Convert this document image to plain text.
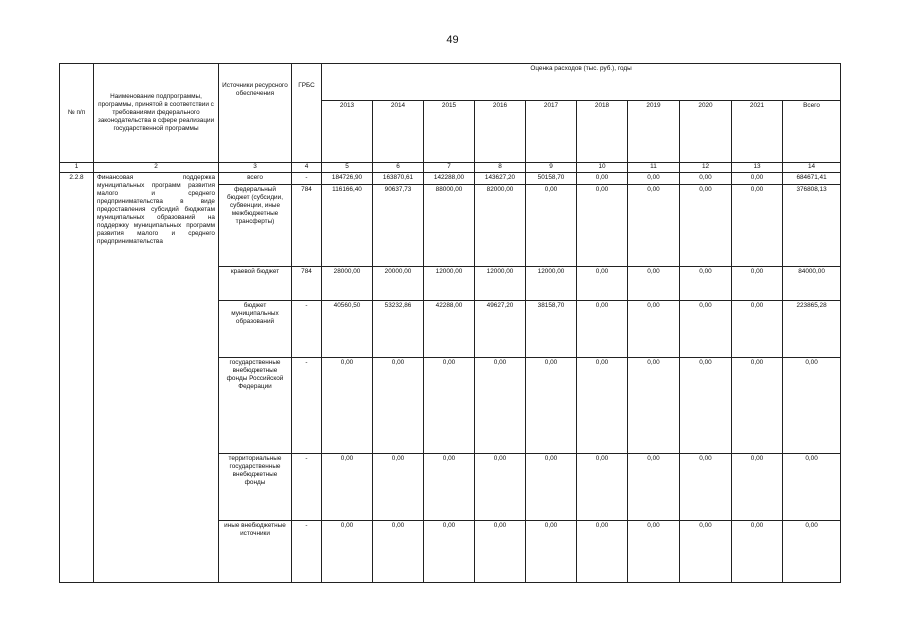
49
№ п/п	Наименование подпрограммы, программы, принятой в соответствии с требованиями федерального законодательства в сфере реализации государственной программы	Источники ресурсного обеспечения	ГРБС	Оценка расходов (тыс. руб.), годы									
				2013	2014	2015	2016	2017	2018	2019	2020	2021	Всего
1	2	3	4	5	6	7	8	9	10	11	12	13	14
2.2.8	Финансовая поддержка муниципальных программ развития малого и среднего предпринимательства в виде предоставления субсидий бюджетам муниципальных образований на поддержку муниципальных программ развития малого и среднего предпринимательства	всего	-	184726,90	163870,61	142288,00	143627,20	50158,70	0,00	0,00	0,00	0,00	684671,41
		федеральный бюджет (субсидии, субвенции, иные межбюджетные трансферты)	784	116166,40	90637,73	88000,00	82000,00	0,00	0,00	0,00	0,00	0,00	376808,13
		краевой бюджет	784	28000,00	20000,00	12000,00	12000,00	12000,00	0,00	0,00	0,00	0,00	84000,00
		бюджет муниципальных образований	-	40560,50	53232,86	42288,00	49627,20	38158,70	0,00	0,00	0,00	0,00	223865,28
		государственные внебюджетные фонды Российской Федерации	-	0,00	0,00	0,00	0,00	0,00	0,00	0,00	0,00	0,00	0,00
		территориальные государственные внебюджетные фонды	-	0,00	0,00	0,00	0,00	0,00	0,00	0,00	0,00	0,00	0,00
		иные внебюджетные источники	-	0,00	0,00	0,00	0,00	0,00	0,00	0,00	0,00	0,00	0,00
